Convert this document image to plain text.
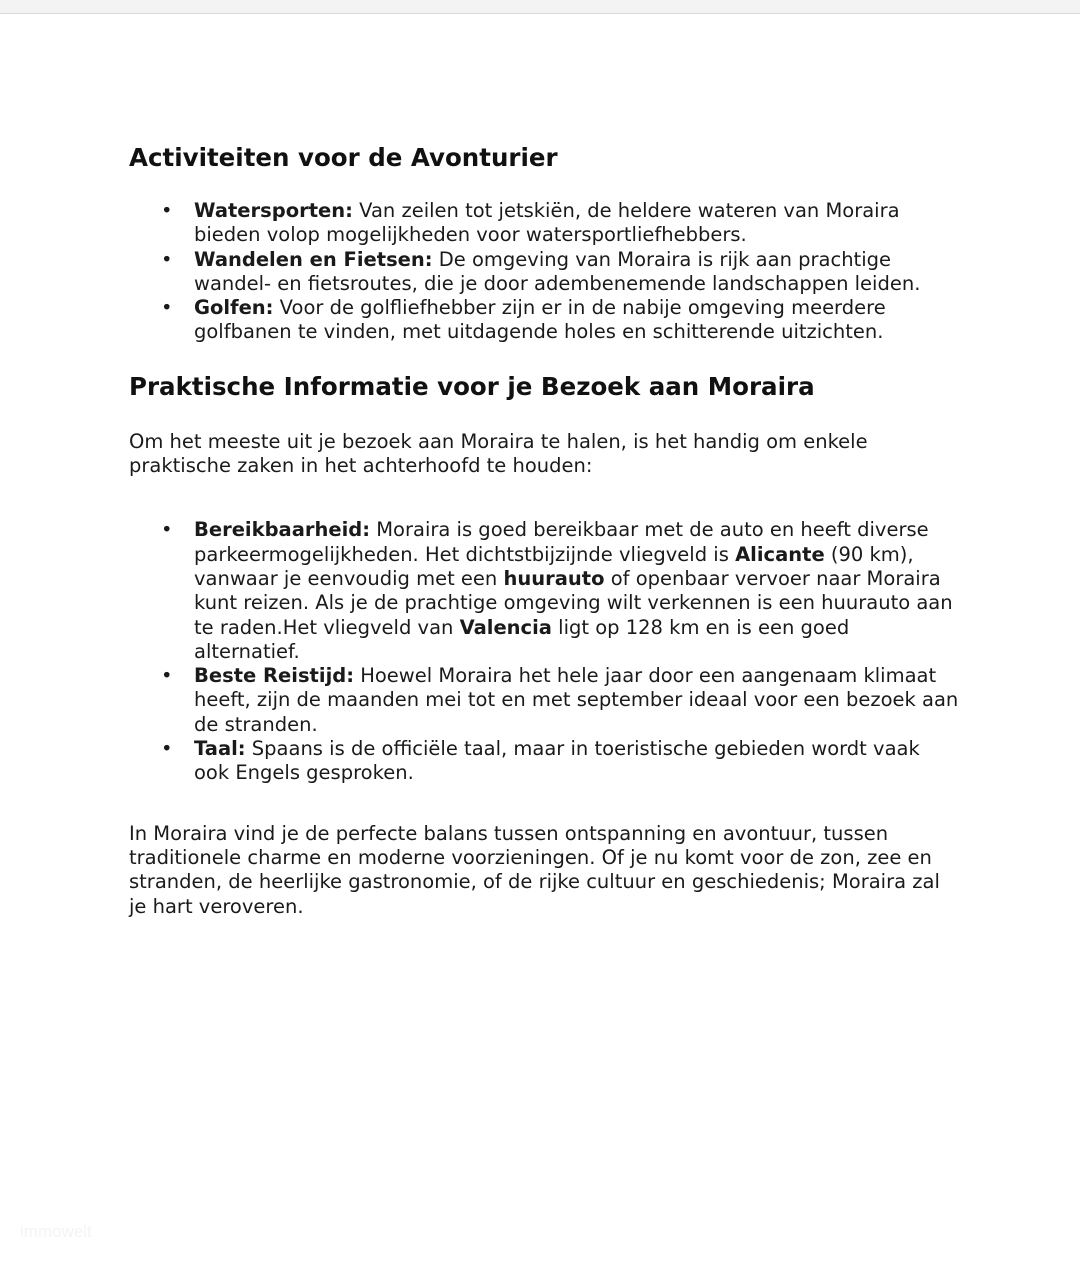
Activiteiten voor de Avonturier
• Watersporten: Van zeilen tot jetskiën, de heldere wateren van Moraira bieden volop mogelijkheden voor watersportliefhebbers.
• Wandelen en Fietsen: De omgeving van Moraira is rijk aan prachtige wandel- en fietsroutes, die je door adembenemende landschappen leiden.
• Golfen: Voor de golfliefhebber zijn er in de nabije omgeving meerdere golfbanen te vinden, met uitdagende holes en schitterende uitzichten.
Praktische Informatie voor je Bezoek aan Moraira

Om het meeste uit je bezoek aan Moraira te halen, is het handig om enkele praktische zaken in het achterhoofd te houden:

• Bereikbaarheid: Moraira is goed bereikbaar met de auto en heeft diverse parkeermogelijkheden. Het dichtstbijzijnde vliegveld is Alicante (90 km), vanwaar je eenvoudig met een huurauto of openbaar vervoer naar Moraira kunt reizen. Als je de prachtige omgeving wilt verkennen is een huurauto aan te raden.Het vliegveld van Valencia ligt op 128 km en is een goed alternatief.
• Beste Reistijd: Hoewel Moraira het hele jaar door een aangenaam klimaat heeft, zijn de maanden mei tot en met september ideaal voor een bezoek aan de stranden.
• Taal: Spaans is de officiële taal, maar in toeristische gebieden wordt vaak ook Engels gesproken.

In Moraira vind je de perfecte balans tussen ontspanning en avontuur, tussen traditionele charme en moderne voorzieningen. Of je nu komt voor de zon, zee en stranden, de heerlijke gastronomie, of de rijke cultuur en geschiedenis; Moraira zal je hart veroveren.

immowelt
